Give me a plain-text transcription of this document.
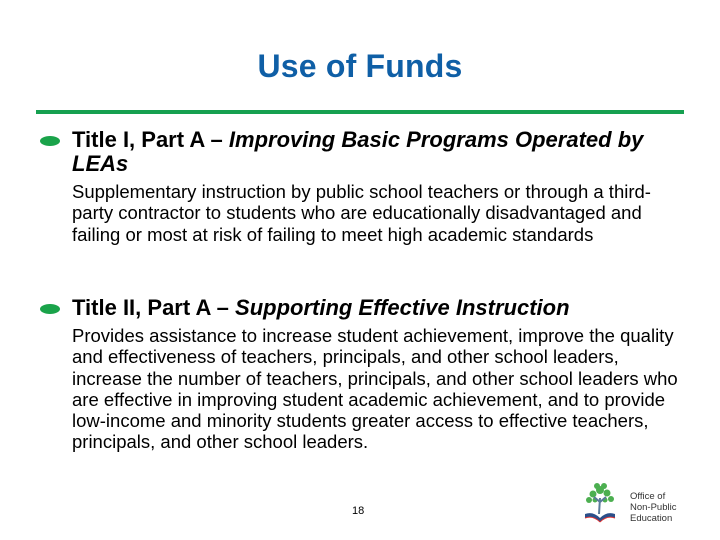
Use of Funds
Title I, Part A – Improving Basic Programs Operated by LEAs
Supplementary instruction by public school teachers or through a third-party contractor to students who are educationally disadvantaged and failing or most at risk of failing to meet high academic standards
Title II, Part A – Supporting Effective Instruction
Provides assistance to increase student achievement, improve the quality and effectiveness of teachers, principals, and other school leaders, increase the number of teachers, principals, and other school leaders who are effective in improving student academic achievement, and to provide low-income and minority students greater access to effective teachers, principals, and other school leaders.
18
Office of
Non-Public
Education
